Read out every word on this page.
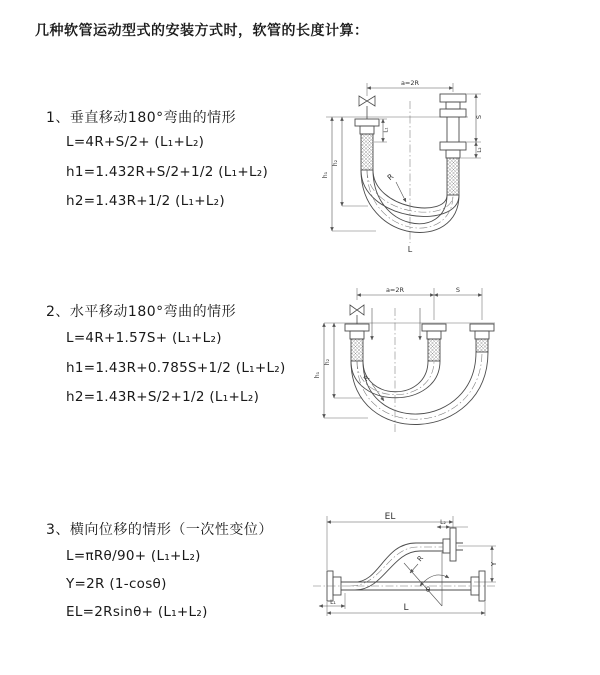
几种软管运动型式的安装方式时，软管的长度计算：
1、垂直移动180°弯曲的情形
L=4R+S/2+ (L₁+L₂)
h1=1.432R+S/2+1/2 (L₁+L₂)
h2=1.43R+1/2 (L₁+L₂)
2、水平移动180°弯曲的情形
L=4R+1.57S+ (L₁+L₂)
h1=1.43R+0.785S+1/2 (L₁+L₂)
h2=1.43R+S/2+1/2 (L₁+L₂)
3、横向位移的情形（一次性变位）
L=πRθ/90+ (L₁+L₂)
Y=2R (1-cosθ)
EL=2Rsinθ+ (L₁+L₂)
a=2R
S
L₁
L₂
h₁
h₂
R
L
a=2R	S
h₁
h₂
R
EL
L₂
Y
L
L₁
R
θ
